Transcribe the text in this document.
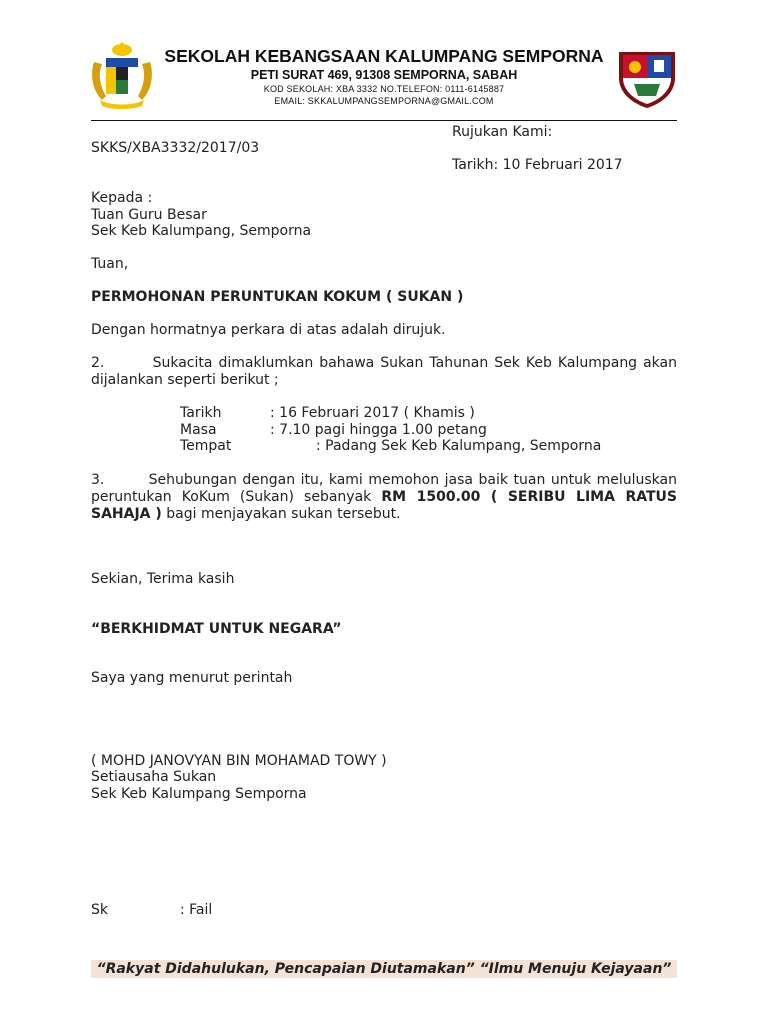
SEKOLAH KEBANGSAAN KALUMPANG SEMPORNA
PETI SURAT 469, 91308 SEMPORNA, SABAH
KOD SEKOLAH: XBA 3332 NO.TELEFON: 0111-6145887
EMAIL: SKKALUMPANGSEMPORNA@GMAIL.COM
Rujukan Kami:
SKKS/XBA3332/2017/03
Tarikh: 10 Februari 2017
Kepada :
Tuan Guru Besar
Sek Keb Kalumpang, Semporna
Tuan,
PERMOHONAN PERUNTUKAN KOKUM ( SUKAN )
Dengan hormatnya perkara di atas adalah dirujuk.
2.        Sukacita dimaklumkan bahawa Sukan Tahunan Sek Keb Kalumpang akan
dijalankan seperti berikut ;
Tarikh	: 16 Februari 2017 ( Khamis )
Masa	: 7.10 pagi hingga 1.00 petang
Tempat	: Padang Sek Keb Kalumpang, Semporna
3.        Sehubungan dengan itu, kami memohon jasa baik tuan untuk meluluskan
peruntukan KoKum (Sukan) sebanyak RM 1500.00 ( SERIBU LIMA RATUS
SAHAJA ) bagi menjayakan sukan tersebut.
Sekian, Terima kasih
“BERKHIDMAT UNTUK NEGARA”
Saya yang menurut perintah
( MOHD JANOVYAN BIN MOHAMAD TOWY )
Setiausaha Sukan
Sek Keb Kalumpang Semporna
Sk	: Fail
“Rakyat Didahulukan, Pencapaian Diutamakan” “Ilmu Menuju Kejayaan”
